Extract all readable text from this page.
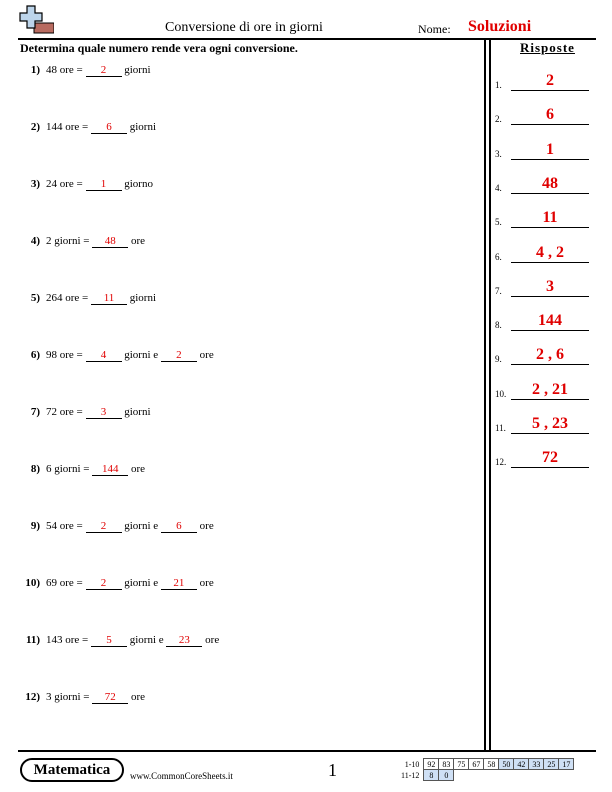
Conversione di ore in giorni	Nome: Soluzioni
Determina quale numero rende vera ogni conversione.	Risposte
1) 48 ore = 2 giorni
2) 144 ore = 6 giorni
3) 24 ore = 1 giorno
4) 2 giorni = 48 ore
5) 264 ore = 11 giorni
6) 98 ore = 4 giorni e 2 ore
7) 72 ore = 3 giorni
8) 6 giorni = 144 ore
9) 54 ore = 2 giorni e 6 ore
10) 69 ore = 2 giorni e 21 ore
11) 143 ore = 5 giorni e 23 ore
12) 3 giorni = 72 ore
1.	2
2.	6
3.	1
4.	48
5.	11
6.	4 , 2
7.	3
8.	144
9.	2 , 6
10.	2 , 21
11.	5 , 23
12.	72
Matematica	www.CommonCoreSheets.it	1	1-10	92	83	75	67	58	50	42	33	25	17
11-12	8	0								
